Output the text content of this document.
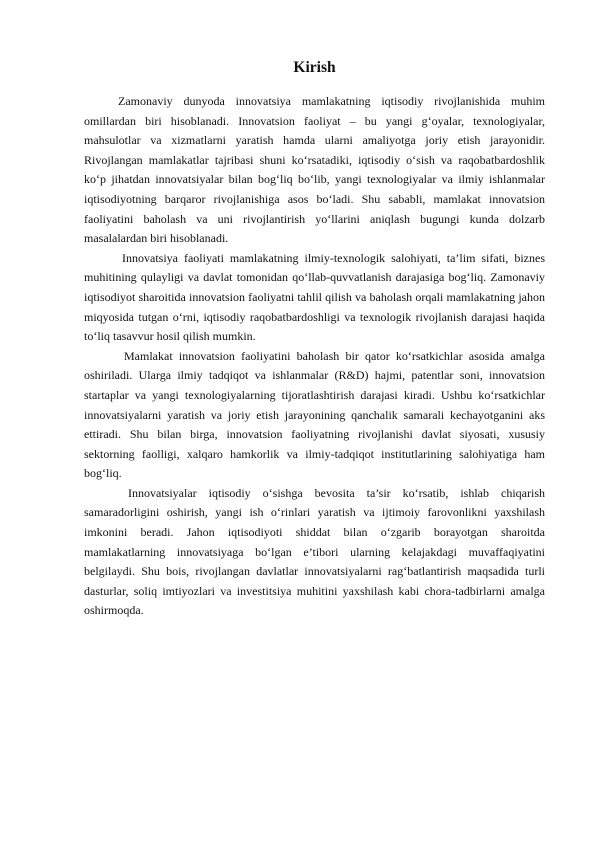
Kirish

Zamonaviy dunyoda innovatsiya mamlakatning iqtisodiy rivojlanishida muhim omillardan biri hisoblanadi. Innovatsion faoliyat – bu yangi g‘oyalar, texnologiyalar, mahsulotlar va xizmatlarni yaratish hamda ularni amaliyotga joriy etish jarayonidir. Rivojlangan mamlakatlar tajribasi shuni ko‘rsatadiki, iqtisodiy o‘sish va raqobatbardoshlik ko‘p jihatdan innovatsiyalar bilan bog‘liq bo‘lib, yangi texnologiyalar va ilmiy ishlanmalar iqtisodiyotning barqaror rivojlanishiga asos bo‘ladi. Shu sababli, mamlakat innovatsion faoliyatini baholash va uni rivojlantirish yo‘llarini aniqlash bugungi kunda dolzarb masalalardan biri hisoblanadi.

Innovatsiya faoliyati mamlakatning ilmiy-texnologik salohiyati, ta’lim sifati, biznes muhitining qulayligi va davlat tomonidan qo‘llab-quvvatlanish darajasiga bog‘liq. Zamonaviy iqtisodiyot sharoitida innovatsion faoliyatni tahlil qilish va baholash orqali mamlakatning jahon miqyosida tutgan o‘rni, iqtisodiy raqobatbardoshligi va texnologik rivojlanish darajasi haqida to‘liq tasavvur hosil qilish mumkin.

Mamlakat innovatsion faoliyatini baholash bir qator ko‘rsatkichlar asosida amalga oshiriladi. Ularga ilmiy tadqiqot va ishlanmalar (R&D) hajmi, patentlar soni, innovatsion startaplar va yangi texnologiyalarning tijoratlashtirish darajasi kiradi. Ushbu ko‘rsatkichlar innovatsiyalarni yaratish va joriy etish jarayonining qanchalik samarali kechayotganini aks ettiradi. Shu bilan birga, innovatsion faoliyatning rivojlanishi davlat siyosati, xususiy sektorning faolligi, xalqaro hamkorlik va ilmiy-tadqiqot institutlarining salohiyatiga ham bog‘liq.

Innovatsiyalar iqtisodiy o‘sishga bevosita ta’sir ko‘rsatib, ishlab chiqarish samaradorligini oshirish, yangi ish o‘rinlari yaratish va ijtimoiy farovonlikni yaxshilash imkonini beradi. Jahon iqtisodiyoti shiddat bilan o‘zgarib borayotgan sharoitda mamlakatlarning innovatsiyaga bo‘lgan e’tibori ularning kelajakdagi muvaffaqiyatini belgilaydi. Shu bois, rivojlangan davlatlar innovatsiyalarni rag‘batlantirish maqsadida turli dasturlar, soliq imtiyozlari va investitsiya muhitini yaxshilash kabi chora-tadbirlarni amalga oshirmoqda.
